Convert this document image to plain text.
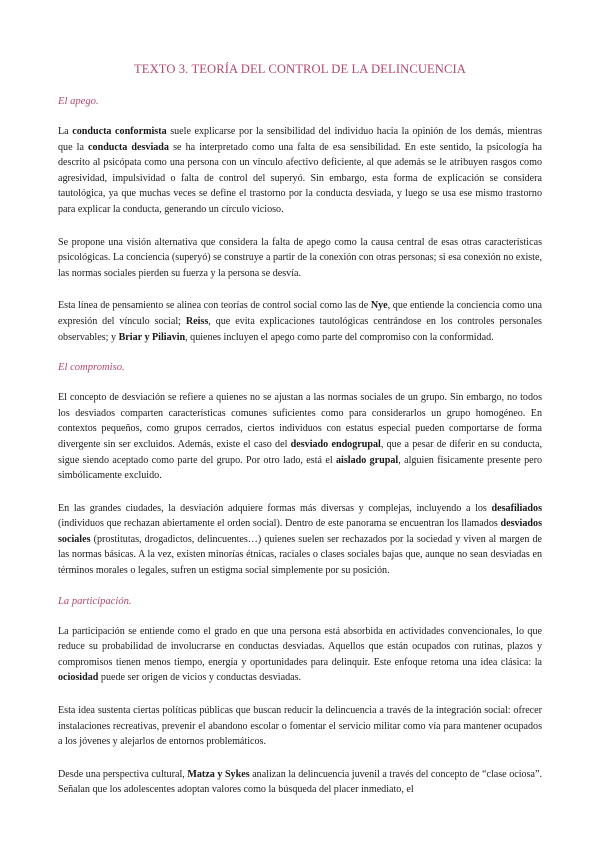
TEXTO 3. TEORÍA DEL CONTROL DE LA DELINCUENCIA
El apego.

La conducta conformista suele explicarse por la sensibilidad del individuo hacia la opinión de los demás, mientras que la conducta desviada se ha interpretado como una falta de esa sensibilidad. En este sentido, la psicología ha descrito al psicópata como una persona con un vínculo afectivo deficiente, al que además se le atribuyen rasgos como agresividad, impulsividad o falta de control del superyó. Sin embargo, esta forma de explicación se considera tautológica, ya que muchas veces se define el trastorno por la conducta desviada, y luego se usa ese mismo trastorno para explicar la conducta, generando un círculo vicioso.

Se propone una visión alternativa que considera la falta de apego como la causa central de esas otras características psicológicas. La conciencia (superyó) se construye a partir de la conexión con otras personas; si esa conexión no existe, las normas sociales pierden su fuerza y la persona se desvía.

Esta línea de pensamiento se alinea con teorías de control social como las de Nye, que entiende la conciencia como una expresión del vínculo social; Reiss, que evita explicaciones tautológicas centrándose en los controles personales observables; y Briar y Piliavin, quienes incluyen el apego como parte del compromiso con la conformidad.

El compromiso.

El concepto de desviación se refiere a quienes no se ajustan a las normas sociales de un grupo. Sin embargo, no todos los desviados comparten características comunes suficientes como para considerarlos un grupo homogéneo. En contextos pequeños, como grupos cerrados, ciertos individuos con estatus especial pueden comportarse de forma divergente sin ser excluidos. Además, existe el caso del desviado endogrupal, que a pesar de diferir en su conducta, sigue siendo aceptado como parte del grupo. Por otro lado, está el aislado grupal, alguien físicamente presente pero simbólicamente excluido.

En las grandes ciudades, la desviación adquiere formas más diversas y complejas, incluyendo a los desafiliados (individuos que rechazan abiertamente el orden social). Dentro de este panorama se encuentran los llamados desviados sociales (prostitutas, drogadictos, delincuentes…) quienes suelen ser rechazados por la sociedad y viven al margen de las normas básicas. A la vez, existen minorías étnicas, raciales o clases sociales bajas que, aunque no sean desviadas en términos morales o legales, sufren un estigma social simplemente por su posición.

La participación.

La participación se entiende como el grado en que una persona está absorbida en actividades convencionales, lo que reduce su probabilidad de involucrarse en conductas desviadas. Aquellos que están ocupados con rutinas, plazos y compromisos tienen menos tiempo, energía y oportunidades para delinquir. Este enfoque retoma una idea clásica: la ociosidad puede ser origen de vicios y conductas desviadas.

Esta idea sustenta ciertas políticas públicas que buscan reducir la delincuencia a través de la integración social: ofrecer instalaciones recreativas, prevenir el abandono escolar o fomentar el servicio militar como vía para mantener ocupados a los jóvenes y alejarlos de entornos problemáticos.

Desde una perspectiva cultural, Matza y Sykes analizan la delincuencia juvenil a través del concepto de “clase ociosa”. Señalan que los adolescentes adoptan valores como la búsqueda del placer inmediato, el
